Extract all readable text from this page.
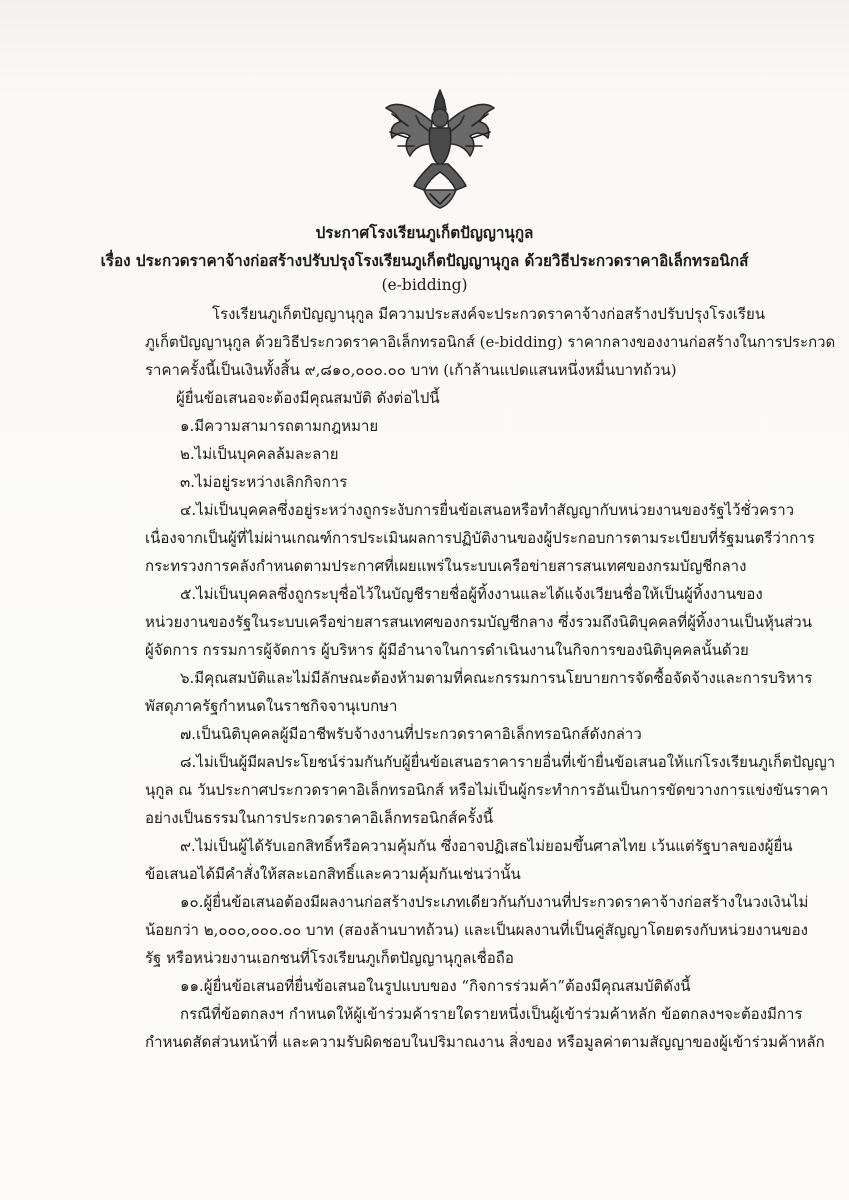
ประกาศโรงเรียนภูเก็ตปัญญานุกูล
เรื่อง ประกวดราคาจ้างก่อสร้างปรับปรุงโรงเรียนภูเก็ตปัญญานุกูล ด้วยวิธีประกวดราคาอิเล็กทรอนิกส์
(e-bidding)
โรงเรียนภูเก็ตปัญญานุกูล มีความประสงค์จะประกวดราคาจ้างก่อสร้างปรับปรุงโรงเรียน
ภูเก็ตปัญญานุกูล ด้วยวิธีประกวดราคาอิเล็กทรอนิกส์ (e-bidding) ราคากลางของงานก่อสร้างในการประกวด
ราคาครั้งนี้เป็นเงินทั้งสิ้น ๙,๘๑๐,๐๐๐.๐๐ บาท (เก้าล้านแปดแสนหนึ่งหมื่นบาทถ้วน)
ผู้ยื่นข้อเสนอจะต้องมีคุณสมบัติ ดังต่อไปนี้
๑.มีความสามารถตามกฎหมาย
๒.ไม่เป็นบุคคลล้มละลาย
๓.ไม่อยู่ระหว่างเลิกกิจการ
๔.ไม่เป็นบุคคลซึ่งอยู่ระหว่างถูกระงับการยื่นข้อเสนอหรือทำสัญญากับหน่วยงานของรัฐไว้ชั่วคราว
เนื่องจากเป็นผู้ที่ไม่ผ่านเกณฑ์การประเมินผลการปฏิบัติงานของผู้ประกอบการตามระเบียบที่รัฐมนตรีว่าการ
กระทรวงการคลังกำหนดตามประกาศที่เผยแพร่ในระบบเครือข่ายสารสนเทศของกรมบัญชีกลาง
๕.ไม่เป็นบุคคลซึ่งถูกระบุชื่อไว้ในบัญชีรายชื่อผู้ทิ้งงานและได้แจ้งเวียนชื่อให้เป็นผู้ทิ้งงานของ
หน่วยงานของรัฐในระบบเครือข่ายสารสนเทศของกรมบัญชีกลาง ซึ่งรวมถึงนิติบุคคลที่ผู้ทิ้งงานเป็นหุ้นส่วน
ผู้จัดการ กรรมการผู้จัดการ ผู้บริหาร ผู้มีอำนาจในการดำเนินงานในกิจการของนิติบุคคลนั้นด้วย
๖.มีคุณสมบัติและไม่มีลักษณะต้องห้ามตามที่คณะกรรมการนโยบายการจัดซื้อจัดจ้างและการบริหาร
พัสดุภาครัฐกำหนดในราชกิจจานุเบกษา
๗.เป็นนิติบุคคลผู้มีอาชีพรับจ้างงานที่ประกวดราคาอิเล็กทรอนิกส์ดังกล่าว
๘.ไม่เป็นผู้มีผลประโยชน์ร่วมกันกับผู้ยื่นข้อเสนอราคารายอื่นที่เข้ายื่นข้อเสนอให้แก่โรงเรียนภูเก็ตปัญญา
นุกูล ณ วันประกาศประกวดราคาอิเล็กทรอนิกส์ หรือไม่เป็นผู้กระทำการอันเป็นการขัดขวางการแข่งขันราคา
อย่างเป็นธรรมในการประกวดราคาอิเล็กทรอนิกส์ครั้งนี้
๙.ไม่เป็นผู้ได้รับเอกสิทธิ์หรือความคุ้มกัน ซึ่งอาจปฏิเสธไม่ยอมขึ้นศาลไทย เว้นแต่รัฐบาลของผู้ยื่น
ข้อเสนอได้มีคำสั่งให้สละเอกสิทธิ์และความคุ้มกันเช่นว่านั้น
๑๐.ผู้ยื่นข้อเสนอต้องมีผลงานก่อสร้างประเภทเดียวกันกับงานที่ประกวดราคาจ้างก่อสร้างในวงเงินไม่
น้อยกว่า ๒,๐๐๐,๐๐๐.๐๐ บาท (สองล้านบาทถ้วน) และเป็นผลงานที่เป็นคู่สัญญาโดยตรงกับหน่วยงานของ
รัฐ หรือหน่วยงานเอกชนที่โรงเรียนภูเก็ตปัญญานุกูลเชื่อถือ
๑๑.ผู้ยื่นข้อเสนอที่ยื่นข้อเสนอในรูปแบบของ “กิจการร่วมค้า”ต้องมีคุณสมบัติดังนี้
กรณีที่ข้อตกลงฯ กำหนดให้ผู้เข้าร่วมค้ารายใดรายหนึ่งเป็นผู้เข้าร่วมค้าหลัก ข้อตกลงฯจะต้องมีการ
กำหนดสัดส่วนหน้าที่ และความรับผิดชอบในปริมาณงาน สิ่งของ หรือมูลค่าตามสัญญาของผู้เข้าร่วมค้าหลัก
